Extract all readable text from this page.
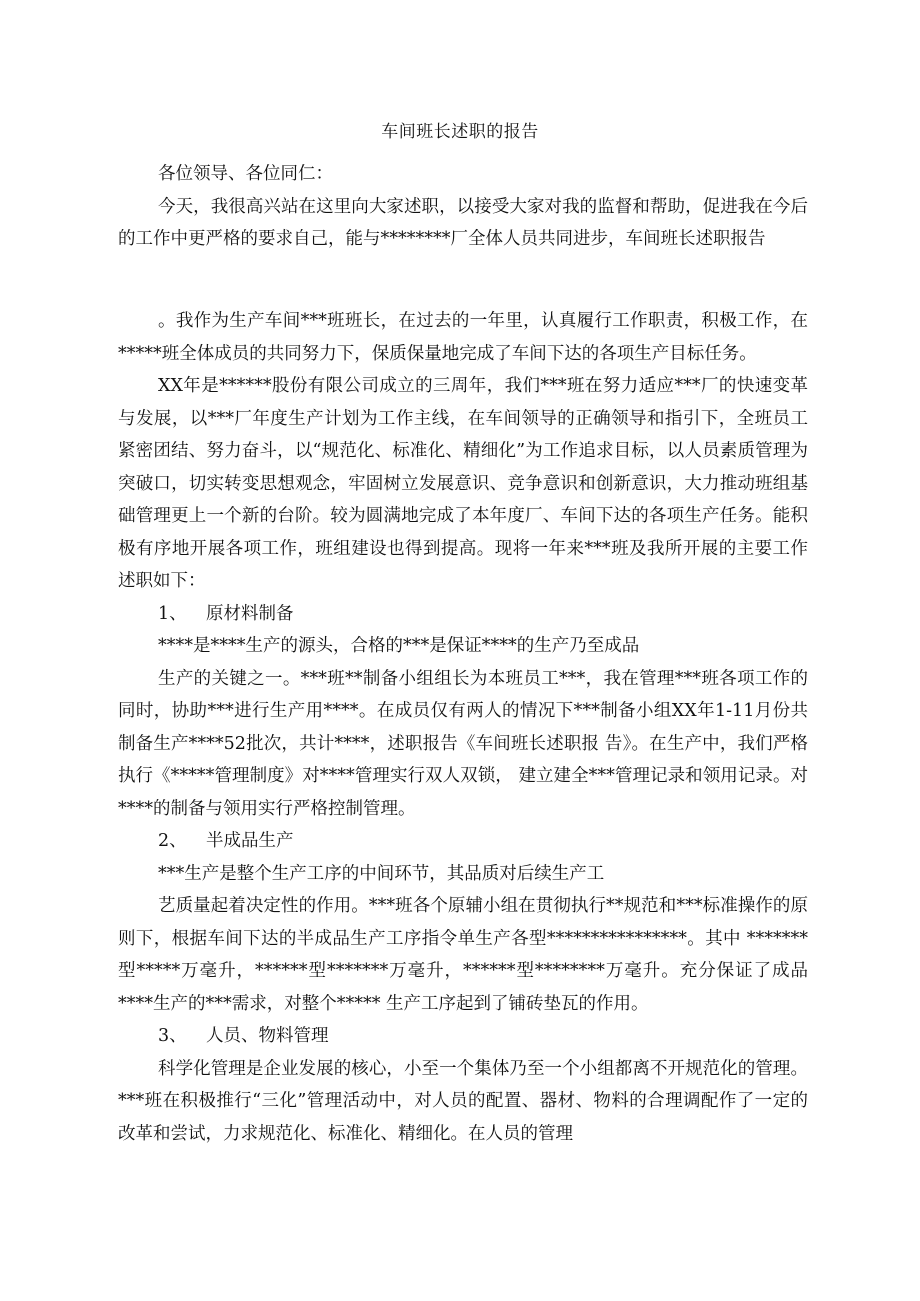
车间班长述职的报告

各位领导、各位同仁：

今天，我很高兴站在这里向大家述职，以接受大家对我的监督和帮助，促进我在今后的工作中更严格的要求自己，能与********厂全体人员共同进步，车间班长述职报告

。我作为生产车间***班班长，在过去的一年里，认真履行工作职责，积极工作，在*****班全体成员的共同努力下，保质保量地完成了车间下达的各项生产目标任务。

XX年是******股份有限公司成立的三周年，我们***班在努力适应***厂的快速变革与发展，以***厂年度生产计划为工作主线，在车间领导的正确领导和指引下，全班员工紧密团结、努力奋斗，以“规范化、标准化、精细化”为工作追求目标，以人员素质管理为突破口，切实转变思想观念，牢固树立发展意识、竞争意识和创新意识，大力推动班组基础管理更上一个新的台阶。较为圆满地完成了本年度厂、车间下达的各项生产任务。能积极有序地开展各项工作，班组建设也得到提高。现将一年来***班及我所开展的主要工作述职如下：

1、 原材料制备

****是****生产的源头，合格的***是保证****的生产乃至成品

生产的关键之一。***班**制备小组组长为本班员工***，我在管理***班各项工作的同时，协助***进行生产用****。在成员仅有两人的情况下***制备小组XX年1-11月份共制备生产****52批次，共计****，述职报告《车间班长述职报 告》。在生产中，我们严格执行《*****管理制度》对****管理实行双人双锁， 建立建全***管理记录和领用记录。对****的制备与领用实行严格控制管理。

2、 半成品生产

***生产是整个生产工序的中间环节，其品质对后续生产工

艺质量起着决定性的作用。***班各个原辅小组在贯彻执行**规范和***标准操作的原则下，根据车间下达的半成品生产工序指令单生产各型****************。其中 *******型*****万毫升，******型*******万毫升，******型********万毫升。充分保证了成品****生产的***需求，对整个***** 生产工序起到了铺砖垫瓦的作用。

3、 人员、物料管理

科学化管理是企业发展的核心，小至一个集体乃至一个小组都离不开规范化的管理。***班在积极推行“三化”管理活动中，对人员的配置、器材、物料的合理调配作了一定的改革和尝试，力求规范化、标准化、精细化。在人员的管理
